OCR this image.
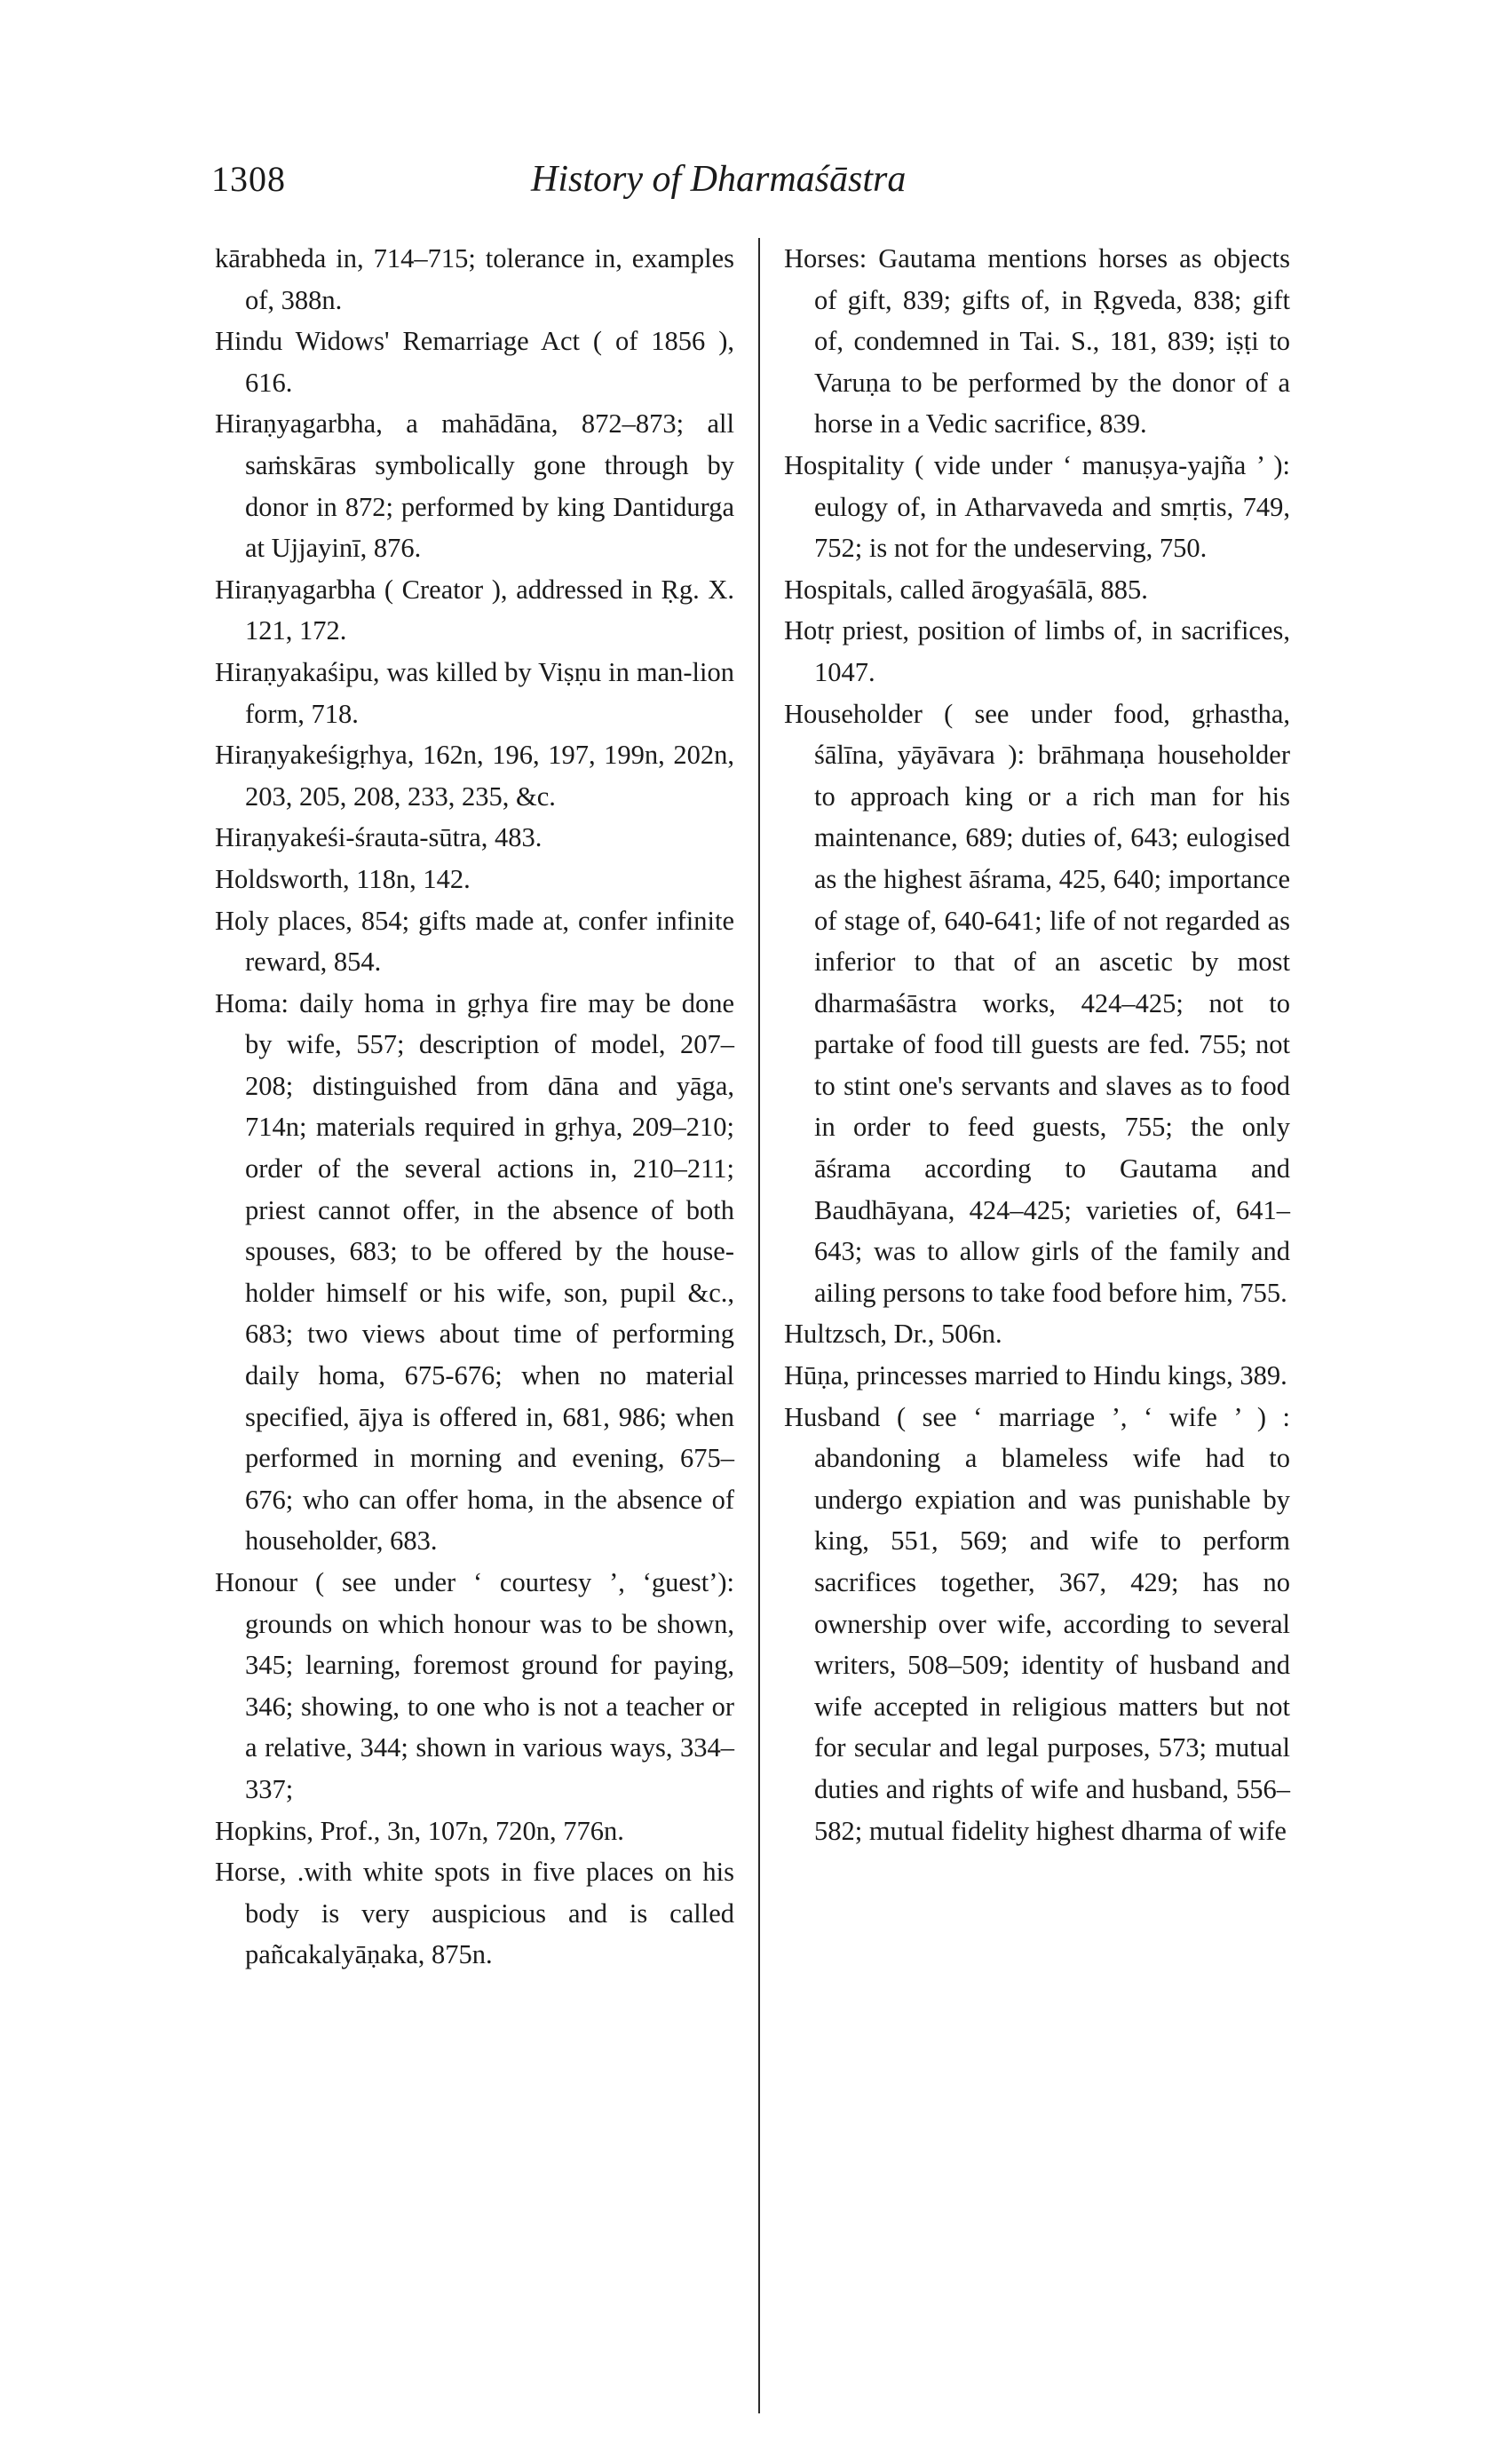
1308	History of Dharmaśāstra

kārabheda in, 714–715; tolerance in, examples of, 388n.

Hindu Widows' Remarriage Act ( of 1856 ), 616.

Hiraṇyagarbha, a mahādāna, 872–873; all saṁskāras symbolically gone through by donor in 872; performed by king Dantidurga at Ujjayinī, 876.

Hiraṇyagarbha ( Creator ), addressed in Ṛg. X. 121, 172.

Hiraṇyakaśipu, was killed by Viṣṇu in man-lion form, 718.

Hiraṇyakeśigṛhya, 162n, 196, 197, 199n, 202n, 203, 205, 208, 233, 235, &c.

Hiraṇyakeśi-śrauta-sūtra, 483.

Holdsworth, 118n, 142.

Holy places, 854; gifts made at, confer infinite reward, 854.

Homa: daily homa in gṛhya fire may be done by wife, 557; description of model, 207–208; distinguished from dāna and yāga, 714n; materials required in gṛhya, 209–210; order of the several actions in, 210–211; priest cannot offer, in the absence of both spouses, 683; to be offered by the house-holder himself or his wife, son, pupil &c., 683; two views about time of performing daily homa, 675-676; when no material specified, ājya is offered in, 681, 986; when performed in morning and evening, 675–676; who can offer homa, in the absence of householder, 683.

Honour ( see under ‘ courtesy ’, ‘guest’): grounds on which honour was to be shown, 345; learning, foremost ground for paying, 346; showing, to one who is not a teacher or a relative, 344; shown in various ways, 334–337;

Hopkins, Prof., 3n, 107n, 720n, 776n.

Horse, .with white spots in five places on his body is very auspicious and is called pañcakalyāṇaka, 875n.

Horses: Gautama mentions horses as objects of gift, 839; gifts of, in Ṛgveda, 838; gift of, condemned in Tai. S., 181, 839; iṣṭi to Varuṇa to be performed by the donor of a horse in a Vedic sacrifice, 839.

Hospitality ( vide under ‘ manuṣya-yajña ’ ): eulogy of, in Atharvaveda and smṛtis, 749, 752; is not for the undeserving, 750.

Hospitals, called ārogyaśālā, 885.

Hotṛ priest, position of limbs of, in sacrifices, 1047.

Householder ( see under food, gṛhastha, śālīna, yāyāvara ): brāhmaṇa householder to approach king or a rich man for his maintenance, 689; duties of, 643; eulogised as the highest āśrama, 425, 640; importance of stage of, 640-641; life of not regarded as inferior to that of an ascetic by most dharmaśāstra works, 424–425; not to partake of food till guests are fed. 755; not to stint one's servants and slaves as to food in order to feed guests, 755; the only āśrama according to Gautama and Baudhāyana, 424–425; varieties of, 641–643; was to allow girls of the family and ailing persons to take food before him, 755.

Hultzsch, Dr., 506n.

Hūṇa, princesses married to Hindu kings, 389.

Husband ( see ‘ marriage ’, ‘ wife ’ ) : abandoning a blameless wife had to undergo expiation and was punishable by king, 551, 569; and wife to perform sacrifices together, 367, 429; has no ownership over wife, according to several writers, 508–509; identity of husband and wife accepted in religious matters but not for secular and legal purposes, 573; mutual duties and rights of wife and husband, 556–582; mutual fidelity highest dharma of wife
